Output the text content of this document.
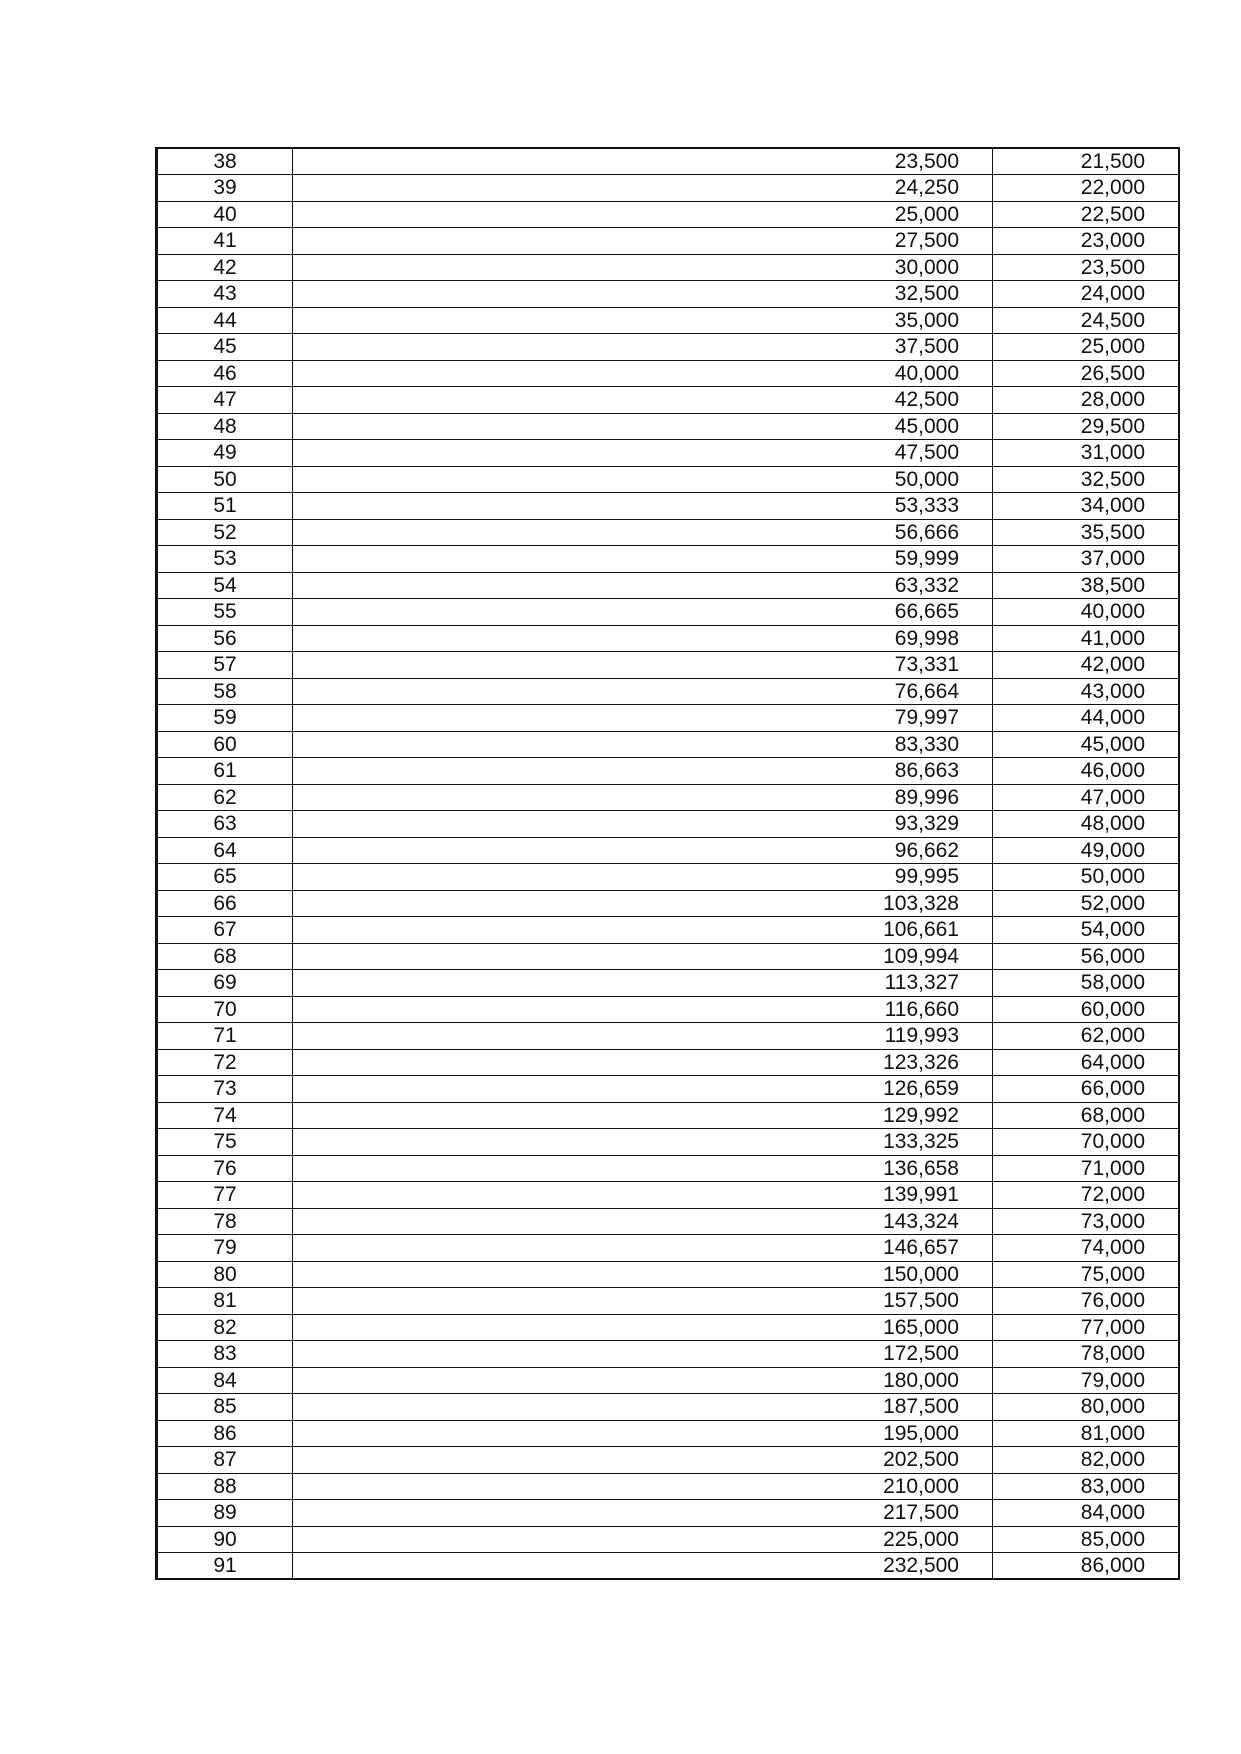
38	23,500	21,500
39	24,250	22,000
40	25,000	22,500
41	27,500	23,000
42	30,000	23,500
43	32,500	24,000
44	35,000	24,500
45	37,500	25,000
46	40,000	26,500
47	42,500	28,000
48	45,000	29,500
49	47,500	31,000
50	50,000	32,500
51	53,333	34,000
52	56,666	35,500
53	59,999	37,000
54	63,332	38,500
55	66,665	40,000
56	69,998	41,000
57	73,331	42,000
58	76,664	43,000
59	79,997	44,000
60	83,330	45,000
61	86,663	46,000
62	89,996	47,000
63	93,329	48,000
64	96,662	49,000
65	99,995	50,000
66	103,328	52,000
67	106,661	54,000
68	109,994	56,000
69	113,327	58,000
70	116,660	60,000
71	119,993	62,000
72	123,326	64,000
73	126,659	66,000
74	129,992	68,000
75	133,325	70,000
76	136,658	71,000
77	139,991	72,000
78	143,324	73,000
79	146,657	74,000
80	150,000	75,000
81	157,500	76,000
82	165,000	77,000
83	172,500	78,000
84	180,000	79,000
85	187,500	80,000
86	195,000	81,000
87	202,500	82,000
88	210,000	83,000
89	217,500	84,000
90	225,000	85,000
91	232,500	86,000
